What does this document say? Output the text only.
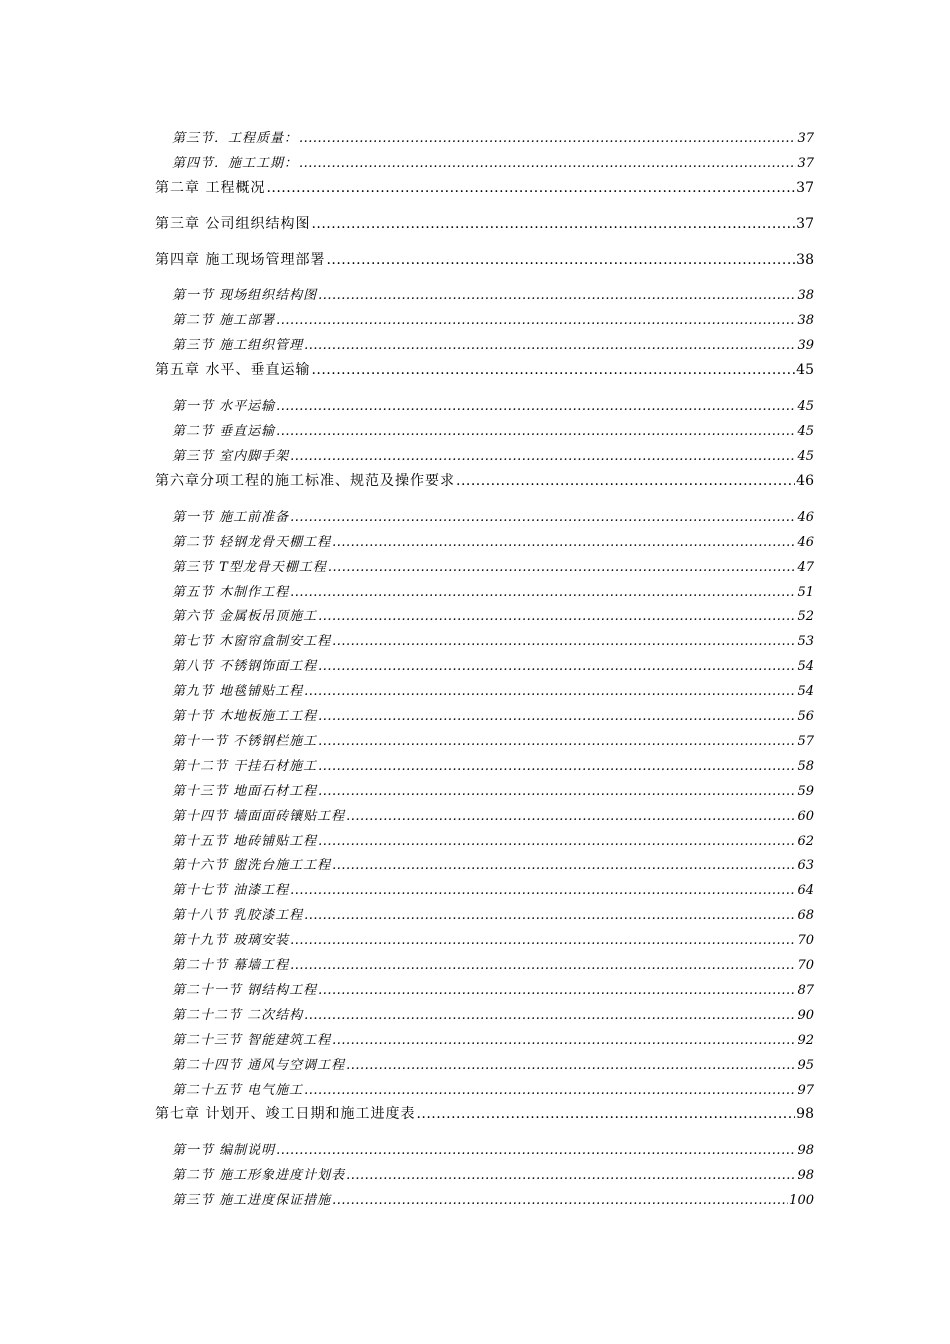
第三节．工程质量： .....	37
第四节．施工工期： .....	37
第二章 工程概况 .....	37
第三章 公司组织结构图 .....	37
第四章 施工现场管理部署 .....	38
第一节 现场组织结构图 .....	38
第二节 施工部署 .....	38
第三节 施工组织管理 .....	39
第五章 水平、垂直运输 .....	45
第一节 水平运输 .....	45
第二节 垂直运输 .....	45
第三节 室内脚手架 .....	45
第六章分项工程的施工标准、规范及操作要求 .....	46
第一节 施工前准备 .....	46
第二节 轻钢龙骨天棚工程 .....	46
第三节 T型龙骨天棚工程 .....	47
第五节 木制作工程 .....	51
第六节 金属板吊顶施工 .....	52
第七节 木窗帘盒制安工程 .....	53
第八节 不锈钢饰面工程 .....	54
第九节 地毯铺贴工程 .....	54
第十节 木地板施工工程 .....	56
第十一节 不锈钢栏施工 .....	57
第十二节 干挂石材施工 .....	58
第十三节 地面石材工程 .....	59
第十四节 墙面面砖镶贴工程 .....	60
第十五节 地砖铺贴工程 .....	62
第十六节 盥洗台施工工程 .....	63
第十七节 油漆工程 .....	64
第十八节 乳胶漆工程 .....	68
第十九节 玻璃安装 .....	70
第二十节 幕墙工程 .....	70
第二十一节 钢结构工程 .....	87
第二十二节 二次结构 .....	90
第二十三节 智能建筑工程 .....	92
第二十四节 通风与空调工程 .....	95
第二十五节 电气施工 .....	97
第七章 计划开、竣工日期和施工进度表 .....	98
第一节 编制说明 .....	98
第二节 施工形象进度计划表 .....	98
第三节 施工进度保证措施 .....	100
